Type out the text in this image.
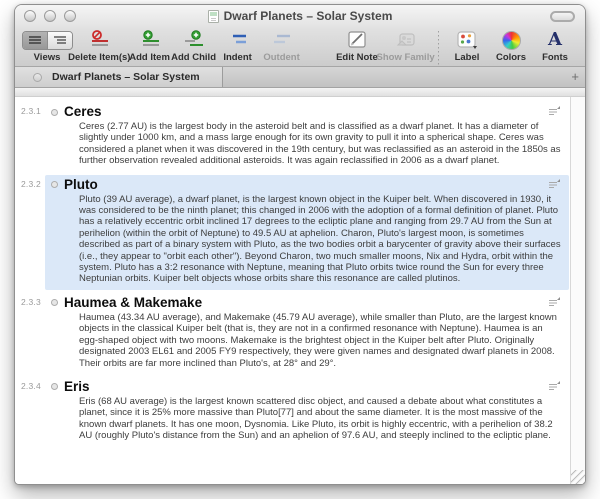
Dwarf Planets – Solar System
Views Delete Item(s)
Add Item Add Child Indent Outdent	Edit Note
Show Family Label Colors
A
Fonts
Dwarf Planets – Solar System	+
2.3.1	Ceres
Ceres (2.77 AU) is the largest body in the asteroid belt and is classified as a dwarf planet. It has a diameter of slightly under 1000 km, and a mass large enough for its own gravity to pull it into a spherical shape. Ceres was considered a planet when it was discovered in the 19th century, but was reclassified as an asteroid in the 1850s as further observation revealed additional asteroids. It was again reclassified in 2006 as a dwarf planet.
2.3.2	Pluto
Pluto (39 AU average), a dwarf planet, is the largest known object in the Kuiper belt. When discovered in 1930, it was considered to be the ninth planet; this changed in 2006 with the adoption of a formal definition of planet. Pluto has a relatively eccentric orbit inclined 17 degrees to the ecliptic plane and ranging from 29.7 AU from the Sun at perihelion (within the orbit of Neptune) to 49.5 AU at aphelion. Charon, Pluto's largest moon, is sometimes described as part of a binary system with Pluto, as the two bodies orbit a barycenter of gravity above their surfaces (i.e., they appear to "orbit each other"). Beyond Charon, two much smaller moons, Nix and Hydra, orbit within the system. Pluto has a 3:2 resonance with Neptune, meaning that Pluto orbits twice round the Sun for every three Neptunian orbits. Kuiper belt objects whose orbits share this resonance are called plutinos.
2.3.3	Haumea & Makemake
Haumea (43.34 AU average), and Makemake (45.79 AU average), while smaller than Pluto, are the largest known objects in the classical Kuiper belt (that is, they are not in a confirmed resonance with Neptune). Haumea is an egg-shaped object with two moons. Makemake is the brightest object in the Kuiper belt after Pluto. Originally designated 2003 EL61 and 2005 FY9 respectively, they were given names and designated dwarf planets in 2008. Their orbits are far more inclined than Pluto's, at 28° and 29°.
2.3.4	Eris
Eris (68 AU average) is the largest known scattered disc object, and caused a debate about what constitutes a planet, since it is 25% more massive than Pluto[77] and about the same diameter. It is the most massive of the known dwarf planets. It has one moon, Dysnomia. Like Pluto, its orbit is highly eccentric, with a perihelion of 38.2 AU (roughly Pluto's distance from the Sun) and an aphelion of 97.6 AU, and steeply inclined to the ecliptic plane.
